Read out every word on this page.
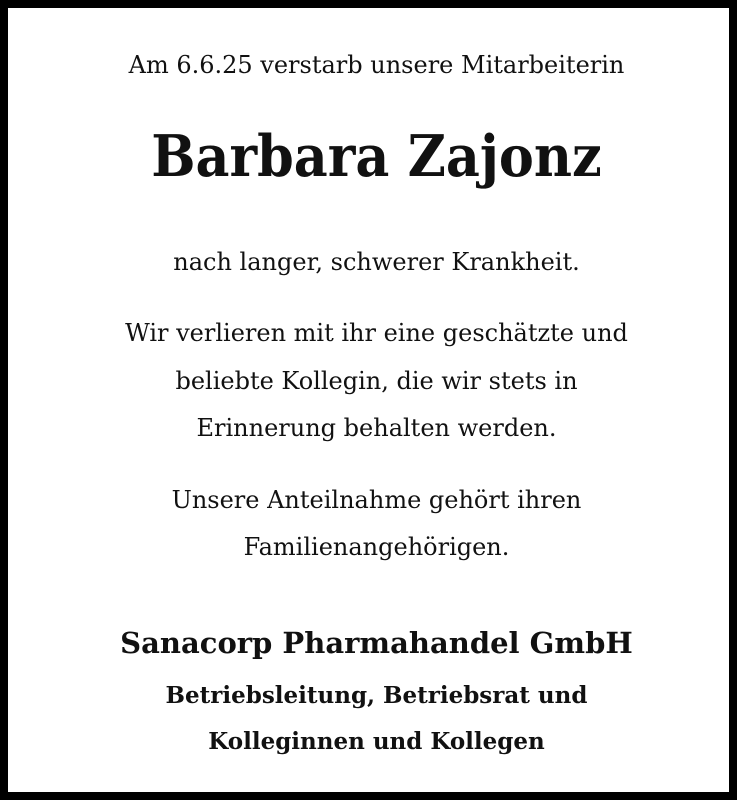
Am 6.6.25 verstarb unsere Mitarbeiterin
Barbara Zajonz
nach langer, schwerer Krankheit.
Wir verlieren mit ihr eine geschätzte und
beliebte Kollegin, die wir stets in
Erinnerung behalten werden.
Unsere Anteilnahme gehört ihren
Familienangehörigen.
Sanacorp Pharmahandel GmbH
Betriebsleitung, Betriebsrat und
Kolleginnen und Kollegen
